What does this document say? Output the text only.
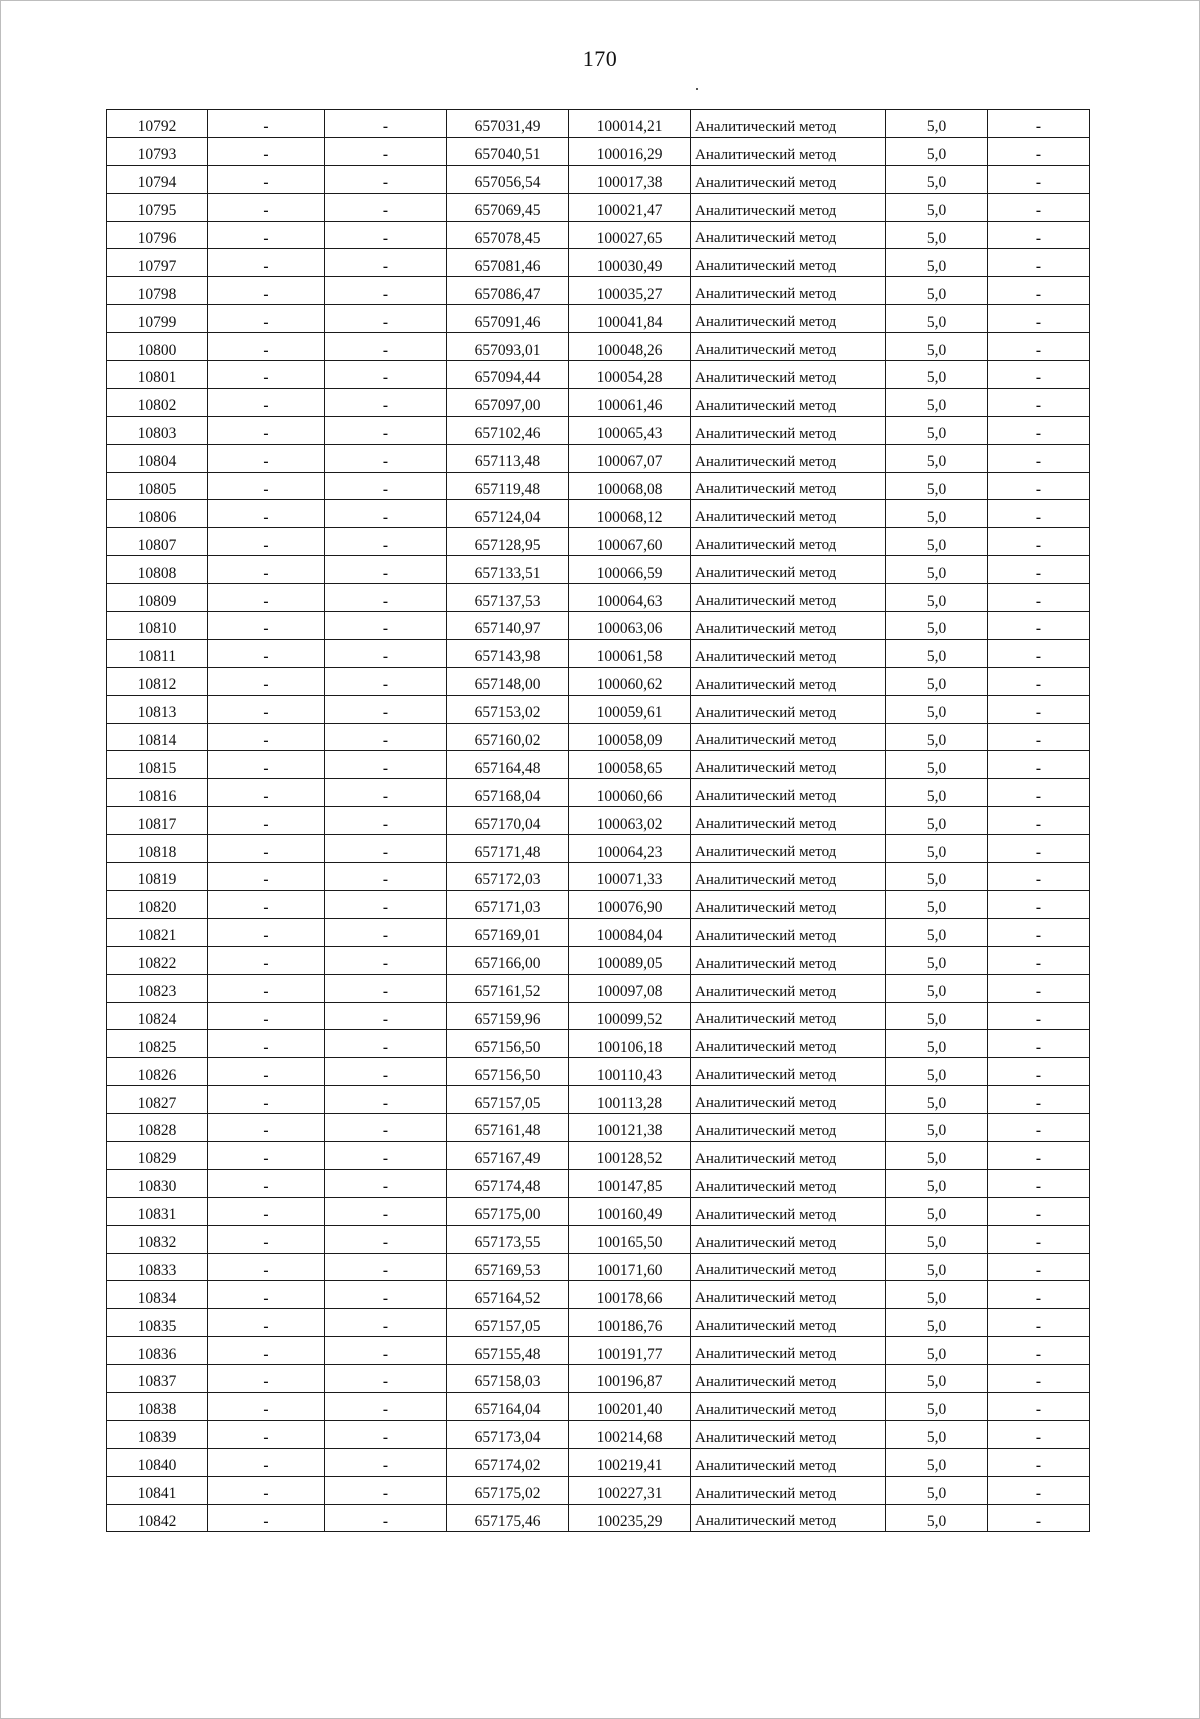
170
10792	-	-	657031,49	100014,21	Аналитический метод	5,0	-
10793	-	-	657040,51	100016,29	Аналитический метод	5,0	-
10794	-	-	657056,54	100017,38	Аналитический метод	5,0	-
10795	-	-	657069,45	100021,47	Аналитический метод	5,0	-
10796	-	-	657078,45	100027,65	Аналитический метод	5,0	-
10797	-	-	657081,46	100030,49	Аналитический метод	5,0	-
10798	-	-	657086,47	100035,27	Аналитический метод	5,0	-
10799	-	-	657091,46	100041,84	Аналитический метод	5,0	-
10800	-	-	657093,01	100048,26	Аналитический метод	5,0	-
10801	-	-	657094,44	100054,28	Аналитический метод	5,0	-
10802	-	-	657097,00	100061,46	Аналитический метод	5,0	-
10803	-	-	657102,46	100065,43	Аналитический метод	5,0	-
10804	-	-	657113,48	100067,07	Аналитический метод	5,0	-
10805	-	-	657119,48	100068,08	Аналитический метод	5,0	-
10806	-	-	657124,04	100068,12	Аналитический метод	5,0	-
10807	-	-	657128,95	100067,60	Аналитический метод	5,0	-
10808	-	-	657133,51	100066,59	Аналитический метод	5,0	-
10809	-	-	657137,53	100064,63	Аналитический метод	5,0	-
10810	-	-	657140,97	100063,06	Аналитический метод	5,0	-
10811	-	-	657143,98	100061,58	Аналитический метод	5,0	-
10812	-	-	657148,00	100060,62	Аналитический метод	5,0	-
10813	-	-	657153,02	100059,61	Аналитический метод	5,0	-
10814	-	-	657160,02	100058,09	Аналитический метод	5,0	-
10815	-	-	657164,48	100058,65	Аналитический метод	5,0	-
10816	-	-	657168,04	100060,66	Аналитический метод	5,0	-
10817	-	-	657170,04	100063,02	Аналитический метод	5,0	-
10818	-	-	657171,48	100064,23	Аналитический метод	5,0	-
10819	-	-	657172,03	100071,33	Аналитический метод	5,0	-
10820	-	-	657171,03	100076,90	Аналитический метод	5,0	-
10821	-	-	657169,01	100084,04	Аналитический метод	5,0	-
10822	-	-	657166,00	100089,05	Аналитический метод	5,0	-
10823	-	-	657161,52	100097,08	Аналитический метод	5,0	-
10824	-	-	657159,96	100099,52	Аналитический метод	5,0	-
10825	-	-	657156,50	100106,18	Аналитический метод	5,0	-
10826	-	-	657156,50	100110,43	Аналитический метод	5,0	-
10827	-	-	657157,05	100113,28	Аналитический метод	5,0	-
10828	-	-	657161,48	100121,38	Аналитический метод	5,0	-
10829	-	-	657167,49	100128,52	Аналитический метод	5,0	-
10830	-	-	657174,48	100147,85	Аналитический метод	5,0	-
10831	-	-	657175,00	100160,49	Аналитический метод	5,0	-
10832	-	-	657173,55	100165,50	Аналитический метод	5,0	-
10833	-	-	657169,53	100171,60	Аналитический метод	5,0	-
10834	-	-	657164,52	100178,66	Аналитический метод	5,0	-
10835	-	-	657157,05	100186,76	Аналитический метод	5,0	-
10836	-	-	657155,48	100191,77	Аналитический метод	5,0	-
10837	-	-	657158,03	100196,87	Аналитический метод	5,0	-
10838	-	-	657164,04	100201,40	Аналитический метод	5,0	-
10839	-	-	657173,04	100214,68	Аналитический метод	5,0	-
10840	-	-	657174,02	100219,41	Аналитический метод	5,0	-
10841	-	-	657175,02	100227,31	Аналитический метод	5,0	-
10842	-	-	657175,46	100235,29	Аналитический метод	5,0	-
